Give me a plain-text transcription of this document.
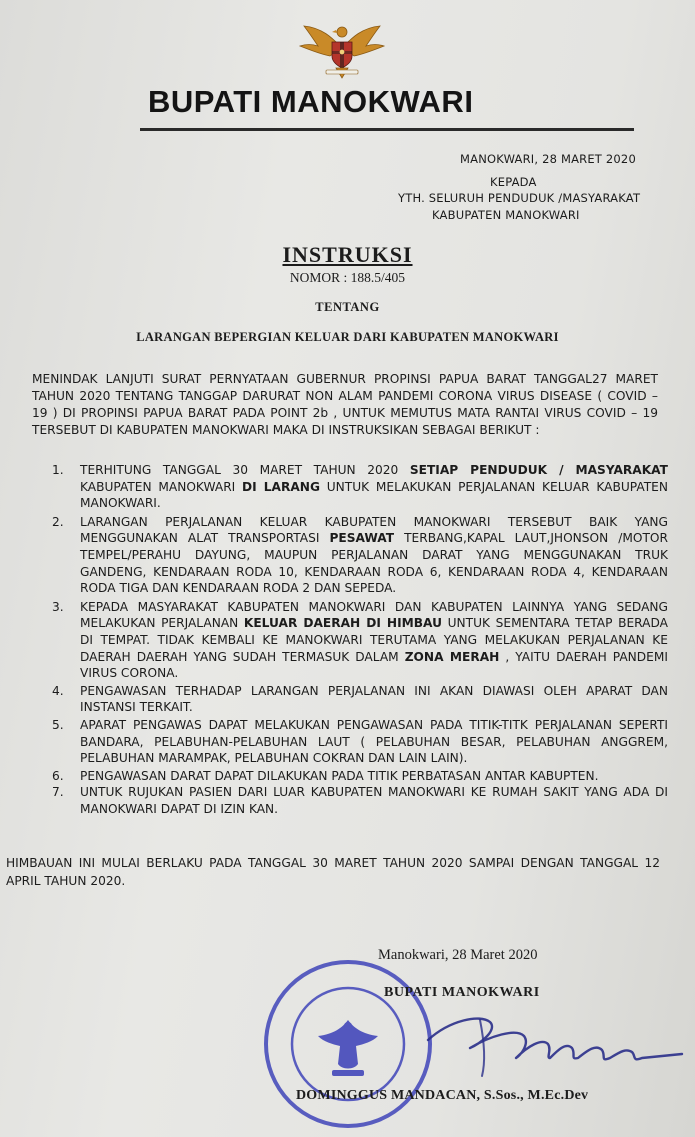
BUPATI MANOKWARI
MANOKWARI, 28 MARET 2020
KEPADA
YTH. SELURUH PENDUDUK /MASYARAKAT
KABUPATEN MANOKWARI
INSTRUKSI
NOMOR : 188.5/405
TENTANG
LARANGAN BEPERGIAN KELUAR DARI KABUPATEN MANOKWARI
MENINDAK LANJUTI SURAT PERNYATAAN GUBERNUR PROPINSI PAPUA BARAT TANGGAL27 MARET TAHUN 2020 TENTANG TANGGAP DARURAT NON ALAM PANDEMI CORONA VIRUS DISEASE ( COVID – 19 ) DI PROPINSI PAPUA BARAT PADA POINT 2b , UNTUK MEMUTUS MATA RANTAI VIRUS COVID – 19 TERSEBUT DI KABUPATEN MANOKWARI MAKA DI INSTRUKSIKAN SEBAGAI BERIKUT :
1. TERHITUNG TANGGAL 30 MARET TAHUN 2020 SETIAP PENDUDUK / MASYARAKAT KABUPATEN MANOKWARI DI LARANG UNTUK MELAKUKAN PERJALANAN KELUAR KABUPATEN MANOKWARI.
2. LARANGAN PERJALANAN KELUAR KABUPATEN MANOKWARI TERSEBUT BAIK YANG MENGGUNAKAN ALAT TRANSPORTASI PESAWAT TERBANG,KAPAL LAUT,JHONSON /MOTOR TEMPEL/PERAHU DAYUNG, MAUPUN PERJALANAN DARAT YANG MENGGUNAKAN TRUK GANDENG, KENDARAAN RODA 10, KENDARAAN RODA 6, KENDARAAN RODA 4, KENDARAAN RODA TIGA DAN KENDARAAN RODA 2 DAN SEPEDA.
3. KEPADA MASYARAKAT KABUPATEN MANOKWARI DAN KABUPATEN LAINNYA YANG SEDANG MELAKUKAN PERJALANAN KELUAR DAERAH DI HIMBAU UNTUK SEMENTARA TETAP BERADA DI TEMPAT. TIDAK KEMBALI KE MANOKWARI TERUTAMA YANG MELAKUKAN PERJALANAN KE DAERAH DAERAH YANG SUDAH TERMASUK DALAM ZONA MERAH , YAITU DAERAH PANDEMI VIRUS CORONA.
4. PENGAWASAN TERHADAP LARANGAN PERJALANAN INI AKAN DIAWASI OLEH APARAT DAN INSTANSI TERKAIT.
5. APARAT PENGAWAS DAPAT MELAKUKAN PENGAWASAN PADA TITIK-TITK PERJALANAN SEPERTI BANDARA, PELABUHAN-PELABUHAN LAUT ( PELABUHAN BESAR, PELABUHAN ANGGREM, PELABUHAN MARAMPAK, PELABUHAN COKRAN DAN LAIN LAIN).
6. PENGAWASAN DARAT DAPAT DILAKUKAN PADA TITIK PERBATASAN ANTAR KABUPTEN.
7. UNTUK RUJUKAN PASIEN DARI LUAR KABUPATEN MANOKWARI KE RUMAH SAKIT YANG ADA DI MANOKWARI DAPAT DI IZIN KAN.
HIMBAUAN INI MULAI BERLAKU PADA TANGGAL 30 MARET TAHUN 2020 SAMPAI DENGAN TANGGAL 12 APRIL TAHUN 2020.
Manokwari, 28 Maret 2020
BUPATI MANOKWARI
DOMINGGUS MANDACAN, S.Sos., M.Ec.Dev
